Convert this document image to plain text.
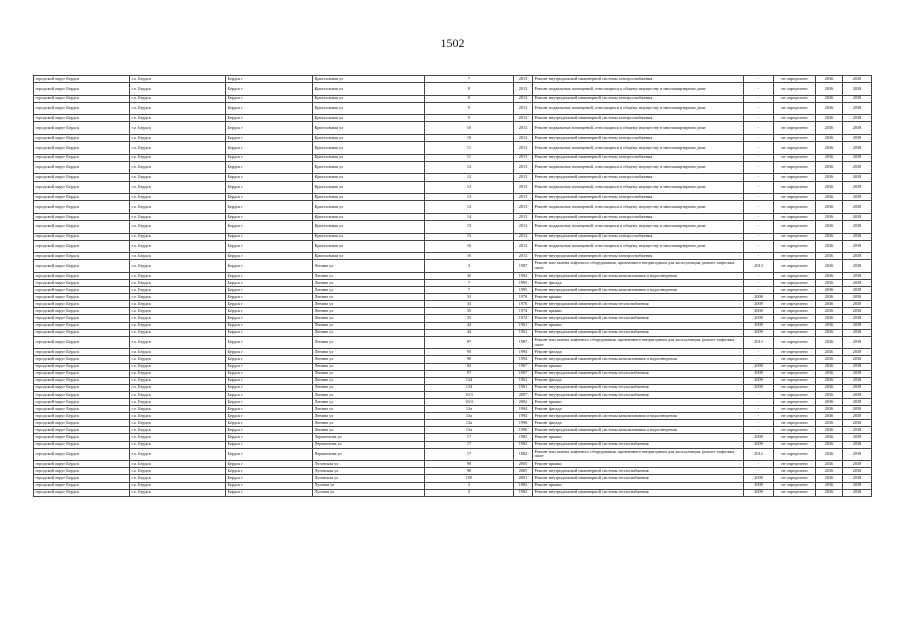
1502
городской округ Бердск	г.о. Бердск	Бердск г	Кристальная ул	7	2013	Ремонт внутридомовой инженерной системы электроснабжения	-	не определено	2036	2038
городской округ Бердск	г.о. Бердск	Бердск г	Кристальная ул	8	2013	Ремонт подвальных помещений, относящихся к общему имуществу в многоквартирном доме	-	не определено	2036	2038
городской округ Бердск	г.о. Бердск	Бердск г	Кристальная ул	8	2013	Ремонт внутридомовой инженерной системы электроснабжения	-	не определено	2036	2038
городской округ Бердск	г.о. Бердск	Бердск г	Кристальная ул	9	2013	Ремонт подвальных помещений, относящихся к общему имуществу в многоквартирном доме	-	не определено	2036	2038
городской округ Бердск	г.о. Бердск	Бердск г	Кристальная ул	9	2013	Ремонт внутридомовой инженерной системы электроснабжения	-	не определено	2036	2038
городской округ Бердск	г.о. Бердск	Бердск г	Кристальная ул	10	2013	Ремонт подвальных помещений, относящихся к общему имуществу в многоквартирном доме	-	не определено	2036	2038
городской округ Бердск	г.о. Бердск	Бердск г	Кристальная ул	10	2013	Ремонт внутридомовой инженерной системы электроснабжения	-	не определено	2036	2038
городской округ Бердск	г.о. Бердск	Бердск г	Кристальная ул	11	2013	Ремонт подвальных помещений, относящихся к общему имуществу в многоквартирном доме	-	не определено	2036	2038
городской округ Бердск	г.о. Бердск	Бердск г	Кристальная ул	11	2013	Ремонт внутридомовой инженерной системы электроснабжения	-	не определено	2036	2038
городской округ Бердск	г.о. Бердск	Бердск г	Кристальная ул	12	2013	Ремонт подвальных помещений, относящихся к общему имуществу в многоквартирном доме	-	не определено	2036	2038
городской округ Бердск	г.о. Бердск	Бердск г	Кристальная ул	12	2013	Ремонт внутридомовой инженерной системы электроснабжения	-	не определено	2036	2038
городской округ Бердск	г.о. Бердск	Бердск г	Кристальная ул	13	2013	Ремонт подвальных помещений, относящихся к общему имуществу в многоквартирном доме	-	не определено	2036	2038
городской округ Бердск	г.о. Бердск	Бердск г	Кристальная ул	13	2013	Ремонт внутридомовой инженерной системы электроснабжения	-	не определено	2036	2038
городской округ Бердск	г.о. Бердск	Бердск г	Кристальная ул	14	2013	Ремонт подвальных помещений, относящихся к общему имуществу в многоквартирном доме	-	не определено	2036	2038
городской округ Бердск	г.о. Бердск	Бердск г	Кристальная ул	14	2013	Ремонт внутридомовой инженерной системы электроснабжения	-	не определено	2036	2038
городской округ Бердск	г.о. Бердск	Бердск г	Кристальная ул	15	2013	Ремонт подвальных помещений, относящихся к общему имуществу в многоквартирном доме	-	не определено	2036	2038
городской округ Бердск	г.о. Бердск	Бердск г	Кристальная ул	15	2013	Ремонт внутридомовой инженерной системы электроснабжения	-	не определено	2036	2038
городской округ Бердск	г.о. Бердск	Бердск г	Кристальная ул	16	2013	Ремонт подвальных помещений, относящихся к общему имуществу в многоквартирном доме	-	не определено	2036	2038
городской округ Бердск	г.о. Бердск	Бердск г	Кристальная ул	16	2013	Ремонт внутридомовой инженерной системы электроснабжения	-	не определено	2036	2038
городской округ Бердск	г.о. Бердск	Бердск г	Ленина ул	3	1987	Ремонт или замена лифтового оборудования, признанного непригодным для эксплуатации, ремонт лифтовых шахт	2013	не определено	2036	2038
городской округ Бердск	г.о. Бердск	Бердск г	Ленина ул	3б	1994	Ремонт внутридомовой инженерной системы канализования и водоотведения	-	не определено	2036	2038
городской округ Бердск	г.о. Бердск	Бердск г	Ленина ул	7	1995	Ремонт фасада	-	не определено	2036	2038
городской округ Бердск	г.о. Бердск	Бердск г	Ленина ул	7	1995	Ремонт внутридомовой инженерной системы канализования и водоотведения	-	не определено	2036	2038
городской округ Бердск	г.о. Бердск	Бердск г	Ленина ул	33	1976	Ремонт крыши	2008	не определено	2036	2038
городской округ Бердск	г.о. Бердск	Бердск г	Ленина ул	33	1976	Ремонт внутридомовой инженерной системы теплоснабжения	2008	не определено	2036	2038
городской округ Бердск	г.о. Бердск	Бердск г	Ленина ул	35	1974	Ремонт крыши	2008	не определено	2036	2038
городской округ Бердск	г.о. Бердск	Бердск г	Ленина ул	35	1974	Ремонт внутридомовой инженерной системы теплоснабжения	2008	не определено	2036	2038
городской округ Бердск	г.о. Бердск	Бердск г	Ленина ул	44	1961	Ремонт крыши	2008	не определено	2036	2038
городской округ Бердск	г.о. Бердск	Бердск г	Ленина ул	44	1961	Ремонт внутридомовой инженерной системы теплоснабжения	2008	не определено	2036	2038
городской округ Бердск	г.о. Бердск	Бердск г	Ленина ул	87	1987	Ремонт или замена лифтового оборудования, признанного непригодным для эксплуатации, ремонт лифтовых шахт	2013	не определено	2036	2038
городской округ Бердск	г.о. Бердск	Бердск г	Ленина ул	90	1994	Ремонт фасада	-	не определено	2036	2038
городской округ Бердск	г.о. Бердск	Бердск г	Ленина ул	90	1994	Ремонт внутридомовой инженерной системы канализования и водоотведения	-	не определено	2036	2038
городской округ Бердск	г.о. Бердск	Бердск г	Ленина ул	92	1967	Ремонт крыши	2008	не определено	2036	2038
городской округ Бердск	г.о. Бердск	Бердск г	Ленина ул	97	1967	Ремонт внутридомовой инженерной системы теплоснабжения	2008	не определено	2036	2038
городской округ Бердск	г.о. Бердск	Бердск г	Ленина ул	134	1961	Ремонт фасада	2008	не определено	2036	2038
городской округ Бердск	г.о. Бердск	Бердск г	Ленина ул	134	1961	Ремонт внутридомовой инженерной системы теплоснабжения	2008	не определено	2036	2038
городской округ Бердск	г.о. Бердск	Бердск г	Ленина ул	10/3	2007	Ремонт внутридомовой инженерной системы теплоснабжения	-	не определено	2036	2038
городской округ Бердск	г.о. Бердск	Бердск г	Ленина ул	10/4	2002	Ремонт крыши	-	не определено	2036	2038
городской округ Бердск	г.о. Бердск	Бердск г	Ленина ул	13а	1994	Ремонт фасада	-	не определено	2036	2038
городской округ Бердск	г.о. Бердск	Бердск г	Ленина ул	13а	1994	Ремонт внутридомовой инженерной системы канализования и водоотведения	-	не определено	2036	2038
городской округ Бердск	г.о. Бердск	Бердск г	Ленина ул	13а	1996	Ремонт фасада	-	не определено	2036	2038
городской округ Бердск	г.о. Бердск	Бердск г	Ленина ул	13а	1996	Ремонт внутридомовой инженерной системы канализования и водоотведения	-	не определено	2036	2038
городской округ Бердск	г.о. Бердск	Бердск г	Лермонтова ул	17	1982	Ремонт крыши	2008	не определено	2036	2038
городской округ Бердск	г.о. Бердск	Бердск г	Лермонтова ул	17	1982	Ремонт внутридомовой инженерной системы теплоснабжения	2008	не определено	2036	2038
городской округ Бердск	г.о. Бердск	Бердск г	Лермонтова ул	17	1982	Ремонт или замена лифтового оборудования, признанного непригодным для эксплуатации, ремонт лифтовых шахт	2012	не определено	2036	2038
городской округ Бердск	г.о. Бердск	Бердск г	Луговская ул	98	2005	Ремонт крыши	-	не определено	2036	2038
городской округ Бердск	г.о. Бердск	Бердск г	Луговская ул	98	2005	Ремонт внутридомовой инженерной системы теплоснабжения	-	не определено	2036	2038
городской округ Бердск	г.о. Бердск	Бердск г	Луговская ул	100	2001	Ремонт внутридомовой инженерной системы теплоснабжения	2008	не определено	2036	2038
городской округ Бердск	г.о. Бердск	Бердск г	Луговая ул	2	1982	Ремонт крыши	2008	не определено	2036	2038
городской округ Бердск	г.о. Бердск	Бердск г	Луговая ул	2	1982	Ремонт внутридомовой инженерной системы теплоснабжения	2008	не определено	2036	2038
